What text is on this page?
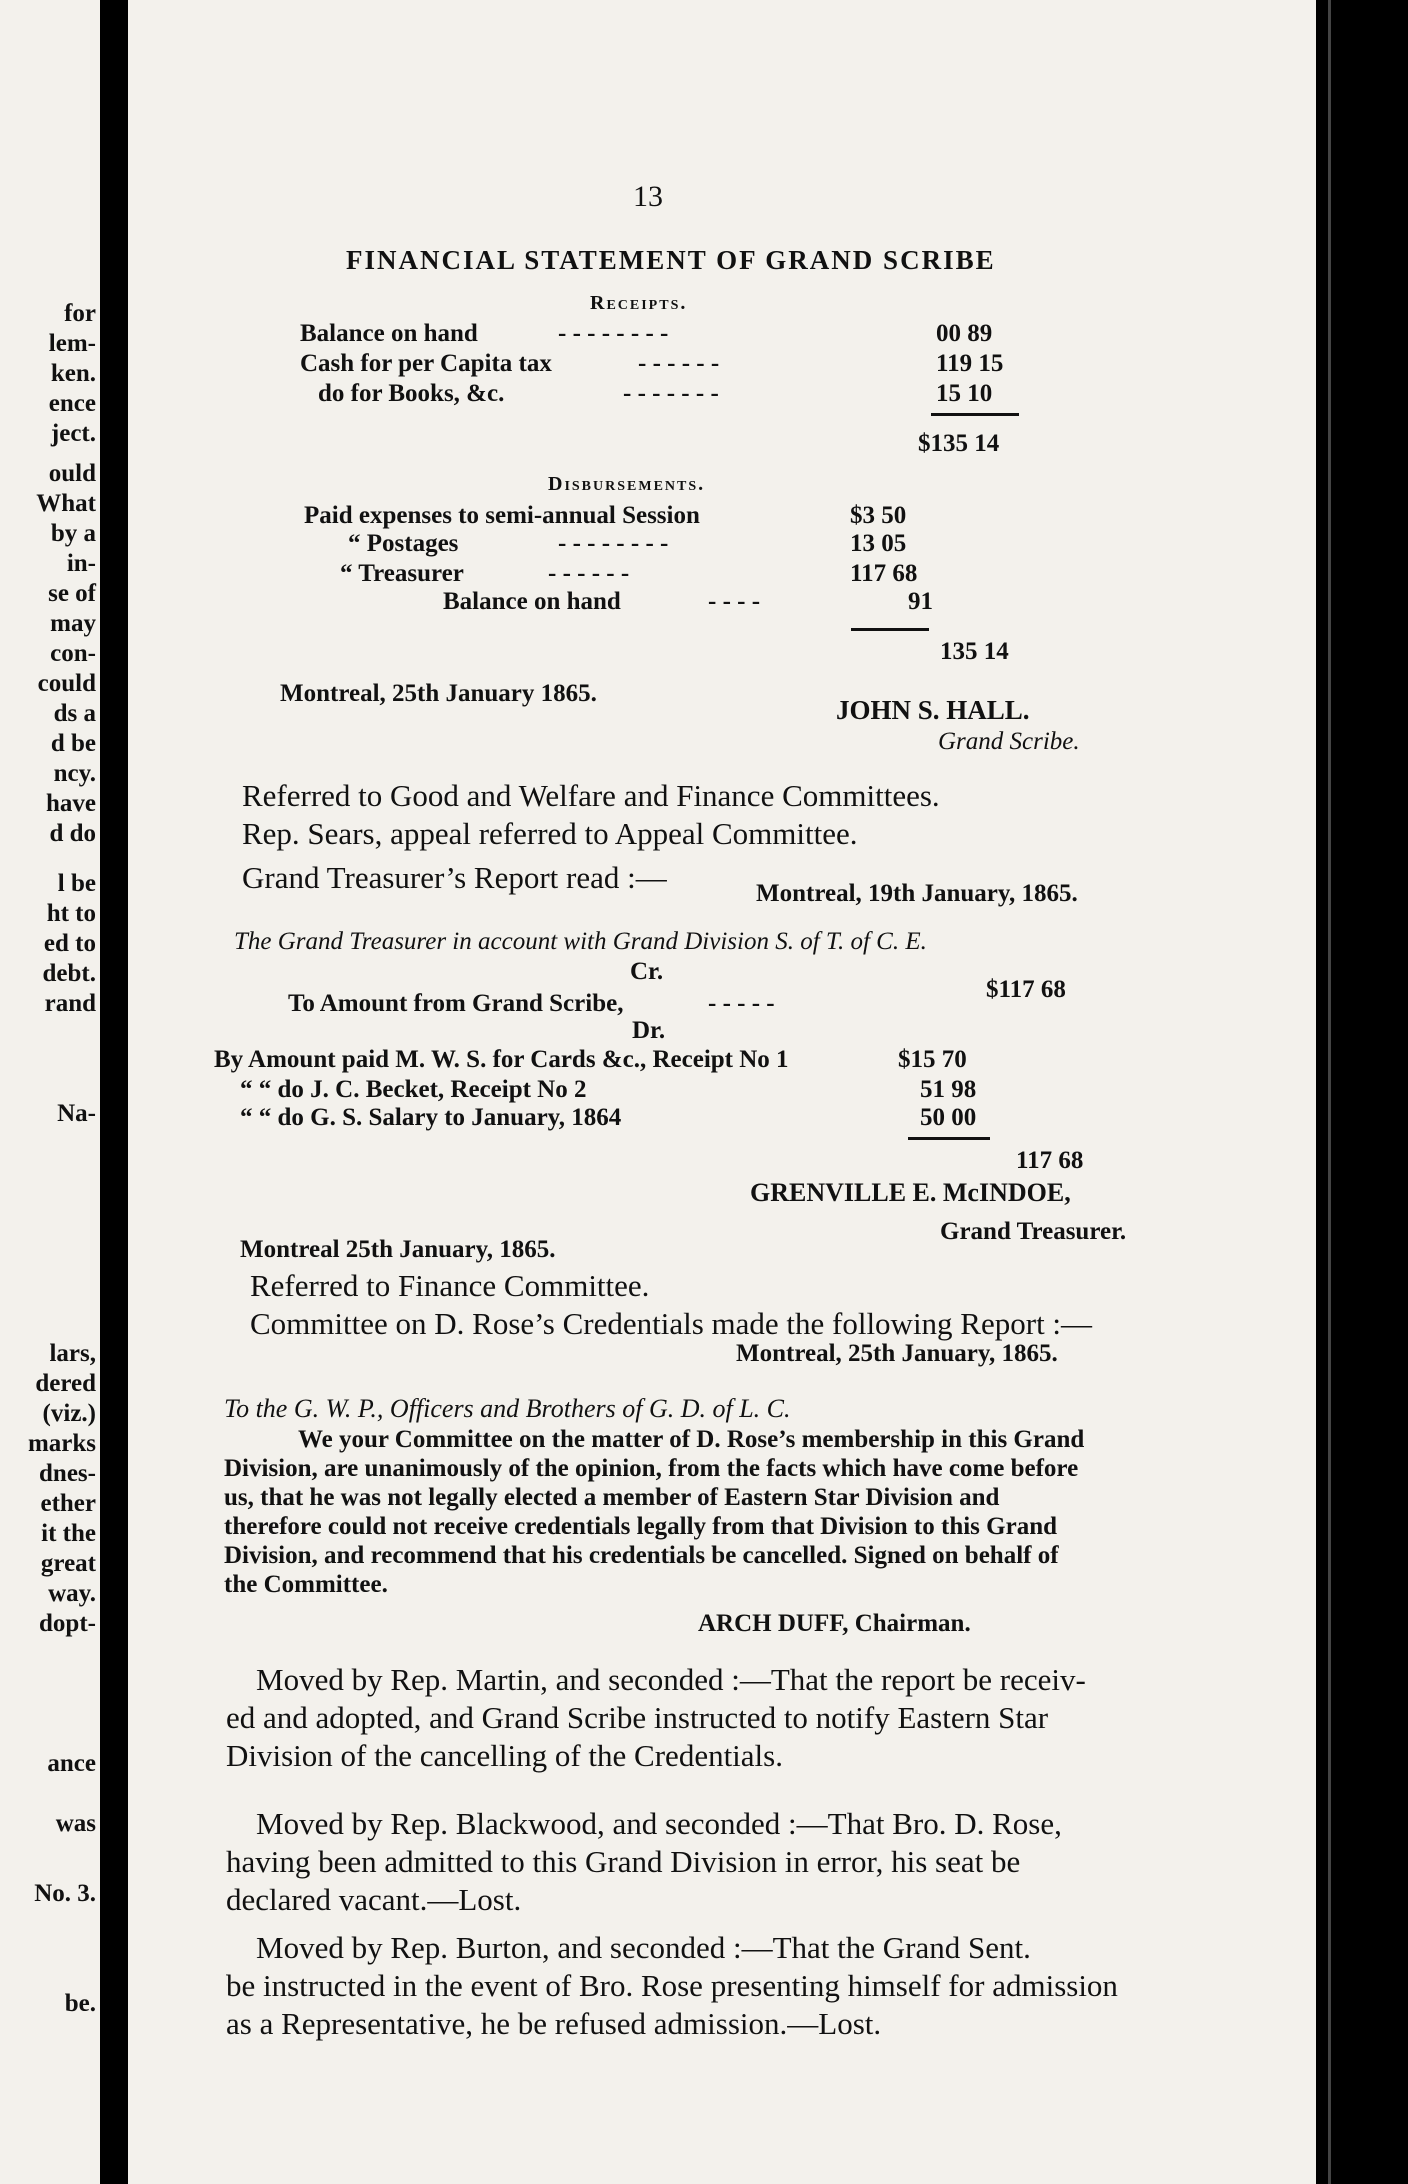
for
lem-
ken.
ence
ject.
ould
What
by a
in-
se of
may
con-
could
ds a
d be
ncy.
have
d do
l be
ht to
ed to
debt.
rand
Na-
lars,
dered
(viz.)
marks
dnes-
ether
it the
great
way.
dopt-
ance
was
No. 3.
be.
13
FINANCIAL STATEMENT OF GRAND SCRIBE
Receipts.
$135 14
Disbursements.
135 14
Montreal, 25th January 1865.
JOHN S. HALL.
Grand Scribe.
Referred to Good and Welfare and Finance Committees.
Rep. Sears, appeal referred to Appeal Committee.
Grand Treasurer’s Report read :—	Montreal, 19th January, 1865.
The Grand Treasurer in account with Grand Division S. of T. of C. E.
Cr.
To Amount from Grand Scribe,	- - - - -
$117 68
Dr.
117 68
GRENVILLE E. McINDOE,
Grand Treasurer.
Montreal 25th January, 1865.
Referred to Finance Committee.
Committee on D. Rose’s Credentials made the following Report :—
Montreal, 25th January, 1865.
To the G. W. P., Officers and Brothers of G. D. of L. C.
ARCH DUFF, Chairman.
Balance on hand	- - - - - - - -	00 89
Cash for per Capita tax	- - - - - -	119 15
do for Books, &c.	- - - - - - -	15 10
Paid expenses to semi-annual Session	$3 50
“ Postages	- - - - - - - -	13 05
“ Treasurer	- - - - - -	117 68
Balance on hand	- - - -	91
By Amount paid M. W. S. for Cards &c., Receipt No 1	$15 70
“ “ do J. C. Becket, Receipt No 2	51 98
“ “ do G. S. Salary to January, 1864	50 00
We your Committee on the matter of D. Rose’s membership in this Grand
Division, are unanimously of the opinion, from the facts which have come before
us, that he was not legally elected a member of Eastern Star Division and
therefore could not receive credentials legally from that Division to this Grand
Division, and recommend that his credentials be cancelled. Signed on behalf of
the Committee.
Moved by Rep. Martin, and seconded :—That the report be receiv-
ed and adopted, and Grand Scribe instructed to notify Eastern Star
Division of the cancelling of the Credentials.
Moved by Rep. Blackwood, and seconded :—That Bro. D. Rose,
having been admitted to this Grand Division in error, his seat be
declared vacant.—Lost.
Moved by Rep. Burton, and seconded :—That the Grand Sent.
be instructed in the event of Bro. Rose presenting himself for admission
as a Representative, he be refused admission.—Lost.
